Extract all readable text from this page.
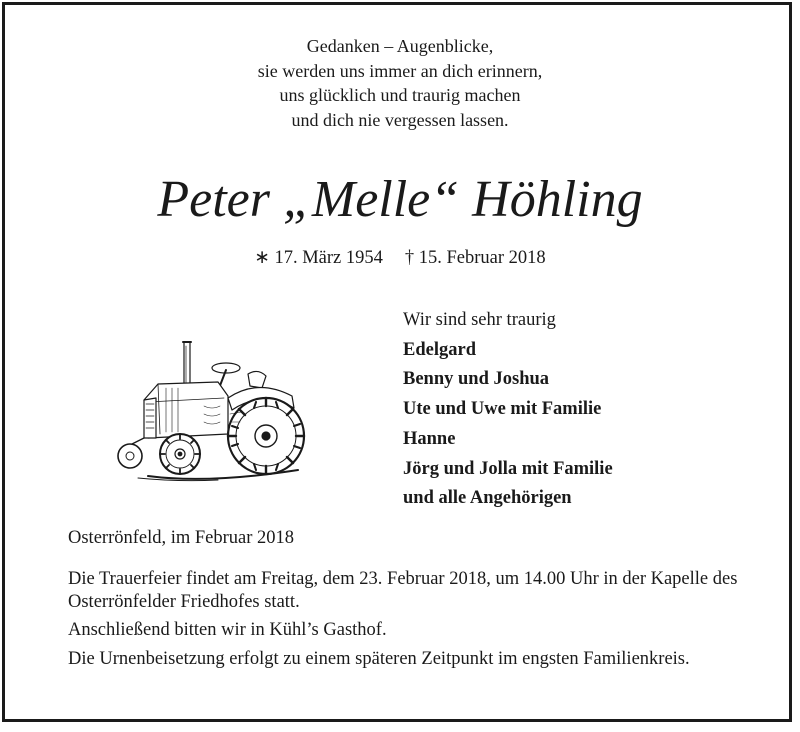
Gedanken – Augenblicke,
sie werden uns immer an dich erinnern,
uns glücklich und traurig machen
und dich nie vergessen lassen.
Peter „Melle“ Höhling
∗ 17. März 1954 † 15. Februar 2018
Wir sind sehr traurig
Edelgard
Benny und Joshua
Ute und Uwe mit Familie
Hanne
Jörg und Jolla mit Familie
und alle Angehörigen
Osterrönfeld, im Februar 2018

Die Trauerfeier findet am Freitag, dem 23. Februar 2018, um 14.00 Uhr in der Kapelle des Osterrönfelder Friedhofes statt.

Anschließend bitten wir in Kühl’s Gasthof.

Die Urnenbeisetzung erfolgt zu einem späteren Zeitpunkt im engsten Familienkreis.
